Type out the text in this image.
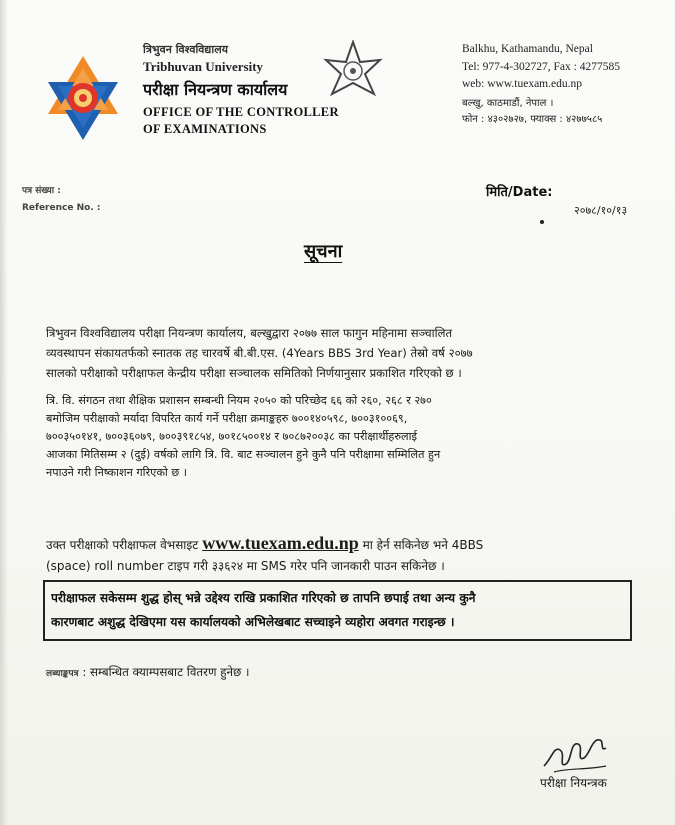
त्रिभुवन विश्वविद्यालय
Tribhuvan University
परीक्षा नियन्त्रण कार्यालय
OFFICE OF THE CONTROLLER
OF EXAMINATIONS
Balkhu, Kathamandu, Nepal
Tel: 977-4-302727, Fax : 4277585
web: www.tuexam.edu.np
बल्खु, काठमाडौं, नेपाल ।
फोन : ४३०२७२७, फ्याक्स : ४२७७५८५
पत्र संख्या :
Reference No. :
मिति/Date:
२०७८/१०/१३
सूचना
त्रिभुवन विश्वविद्यालय परीक्षा नियन्त्रण कार्यालय, बल्खुद्वारा २०७७ साल फागुन महिनामा सञ्चालित
व्यवस्थापन संकायतर्फको स्नातक तह चारवर्षे बी.बी.एस. (4Years BBS 3rd Year) तेस्रो वर्ष २०७७
सालको परीक्षाको परीक्षाफल केन्द्रीय परीक्षा सञ्चालक समितिको निर्णयानुसार प्रकाशित गरिएको छ ।
त्रि. वि. संगठन तथा शैक्षिक प्रशासन सम्बन्धी नियम २०५० को परिच्छेद ६६ को २६०, २६८ र २७०
बमोजिम परीक्षाको मर्यादा विपरित कार्य गर्ने परीक्षा क्रमाङ्कहरु ७००१४०५९८, ७००३१००६९,
७००३५०१४१, ७००३६०७९, ७००३९१८५४, ७०१८५००१४ र ७०८७२००३८ का परीक्षार्थीहरुलाई
आजका मितिसम्म २ (दुई) वर्षको लागि त्रि. वि. बाट सञ्चालन हुने कुनै पनि परीक्षामा सम्मिलित हुन
नपाउने गरी निष्काशन गरिएको छ ।
उक्त परीक्षाको परीक्षाफल वेभसाइट www.tuexam.edu.np मा हेर्न सकिनेछ भने 4BBS
(space) roll number टाइप गरी ३३६२४ मा SMS गरेर पनि जानकारी पाउन सकिनेछ ।
परीक्षाफल सकेसम्म शुद्ध होस् भन्ने उद्देश्य राखि प्रकाशित गरिएको छ तापनि छपाई तथा अन्य कुनै
कारणबाट अशुद्ध देखिएमा यस कार्यालयको अभिलेखबाट सच्चाइने व्यहोरा अवगत गराइन्छ ।
लब्धाङ्कपत्र : सम्बन्धित क्याम्पसबाट वितरण हुनेछ ।
परीक्षा नियन्त्रक
